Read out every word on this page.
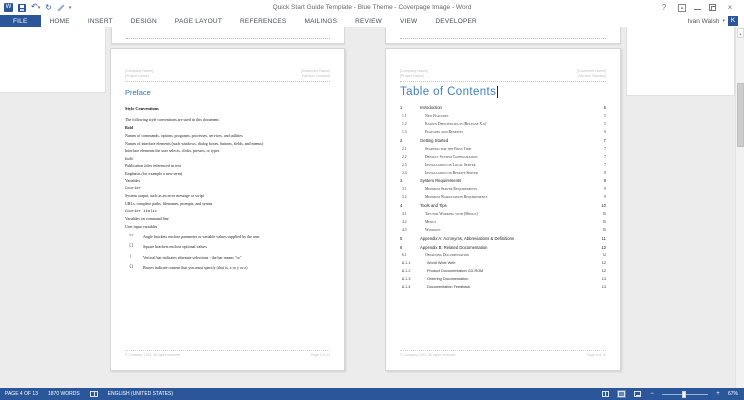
W ↶▾ ↻	▾	Quick Start Guide Template - Blue Theme - Coverpage Image - Word	?	▴	×
FILE	HOME	INSERT	DESIGN	PAGE LAYOUT	REFERENCES	MAILINGS	REVIEW	VIEW	DEVELOPER	Ivan Walsh ▾ K
[Company Name]
[Project Name]
[Document Name]
[Version Number]
Preface
Style Conventions
The following style conventions are used in this document:
Bold
Names of commands, options, programs, processes, services, and utilities
Names of interface elements (such windows, dialog boxes, buttons, fields, and menus)
Interface elements the user selects, clicks, presses, or types
Italic
Publication titles referenced in text
Emphasis (for example a new term)
Variables
Courier
System output, such as an error message or script
URLs, complete paths, filenames, prompts, and syntax
Courier italic
Variables on command line
User input variables
<>	Angle brackets enclose parameter or variable values supplied by the user
[]	Square brackets enclose optional values
|	Vertical bar indicates alternate selections - the bar means "or"
{}	Braces indicate content that you must specify (that is, x or y or z)
© Company 2014. All rights reserved.	Page 3 of 13
[Company Name]
[Project Name]
[Document Name]
[Version Number]
Table of Contents
1	Introduction	5
1.1	New Features	5
1.2	Known Deficiencies in [Release X.x]	5
1.3	Features and Benefits	6
2	Getting Started	7
2.1	Starting for the First Time	7
2.2	Default System Configuration	7
2.3	Installation on Local Server	7
2.4	Installation on Remote Server	8
3	System Requirements	9
3.1	Minimum Server Requirements	9
3.2	Minimum Workstation Requirements	9
4	Tools and Tips	10
4.1	Tips for Working with [Menus]	10
4.2	Menus	10
4.3	Windows	10
5	Appendix A: Acronyms, Abbreviations & Definitions	11
6	Appendix B: Related Documentation	12
6.1	Obtaining Documentation	12
6.1.1	World Wide Web	12
6.1.2	Product Documentation CD-ROM	12
6.1.3	Ordering Documentation	13
6.1.4	Documentation Feedback	13
© Company 2014. All rights reserved.	Page 4 of 13
▴
PAGE 4 OF 13 1870 WORDS	ENGLISH (UNITED STATES)	−	+ 67%
